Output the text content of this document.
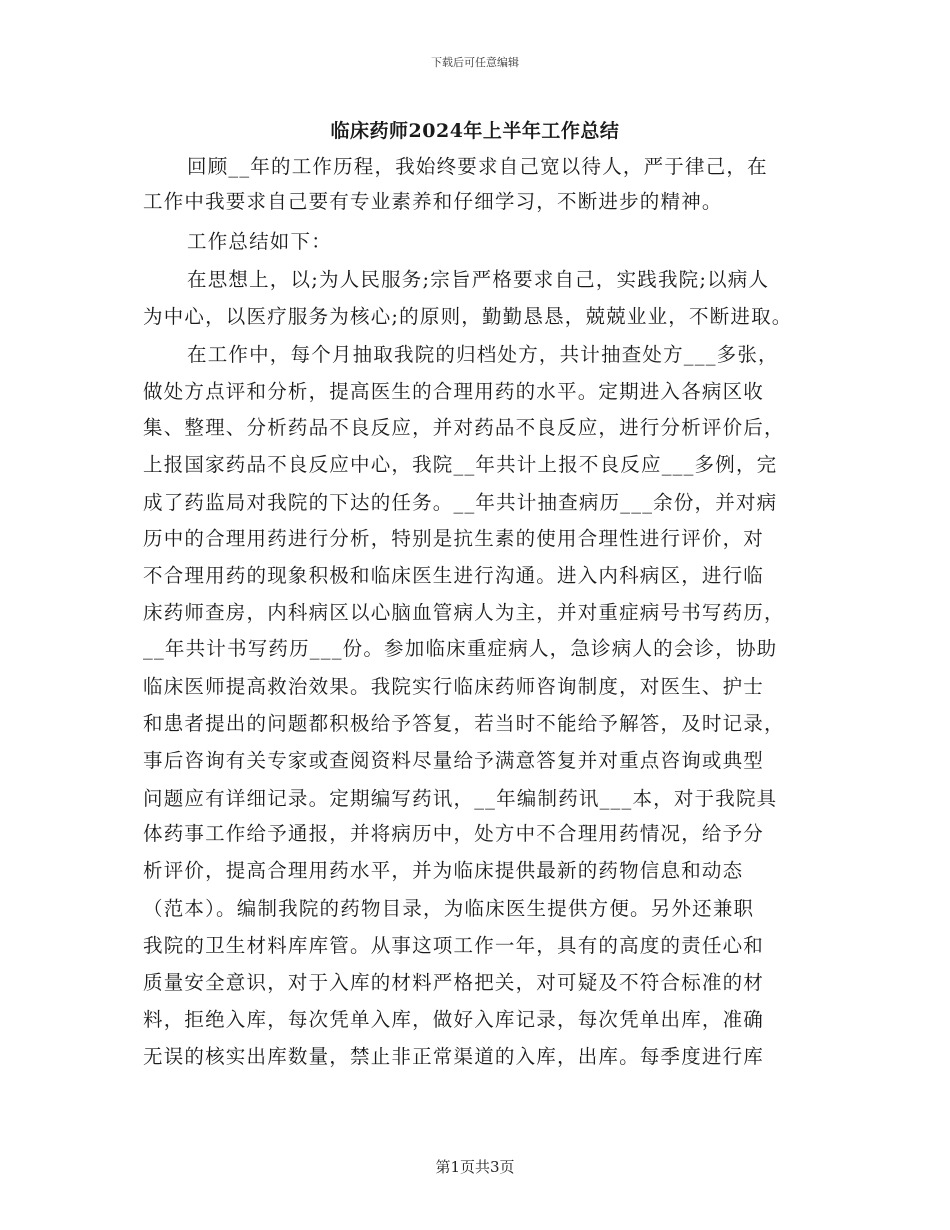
下载后可任意编辑
临床药师2024年上半年工作总结
回顾__年的工作历程，我始终要求自己宽以待人，严于律己，在
工作中我要求自己要有专业素养和仔细学习，不断进步的精神。
工作总结如下：
在思想上，以;为人民服务;宗旨严格要求自己，实践我院;以病人
为中心，以医疗服务为核心;的原则，勤勤恳恳，兢兢业业，不断进取。
在工作中，每个月抽取我院的归档处方，共计抽查处方___多张，
做处方点评和分析，提高医生的合理用药的水平。定期进入各病区收
集、整理、分析药品不良反应，并对药品不良反应，进行分析评价后，
上报国家药品不良反应中心，我院__年共计上报不良反应___多例，完
成了药监局对我院的下达的任务。__年共计抽查病历___余份，并对病
历中的合理用药进行分析，特别是抗生素的使用合理性进行评价，对
不合理用药的现象积极和临床医生进行沟通。进入内科病区，进行临
床药师查房，内科病区以心脑血管病人为主，并对重症病号书写药历，
__年共计书写药历___份。参加临床重症病人，急诊病人的会诊，协助
临床医师提高救治效果。我院实行临床药师咨询制度，对医生、护士
和患者提出的问题都积极给予答复，若当时不能给予解答，及时记录，
事后咨询有关专家或查阅资料尽量给予满意答复并对重点咨询或典型
问题应有详细记录。定期编写药讯，__年编制药讯___本，对于我院具
体药事工作给予通报，并将病历中，处方中不合理用药情况，给予分
析评价，提高合理用药水平，并为临床提供最新的药物信息和动态
（范本）。编制我院的药物目录，为临床医生提供方便。另外还兼职
我院的卫生材料库库管。从事这项工作一年，具有的高度的责任心和
质量安全意识，对于入库的材料严格把关，对可疑及不符合标准的材
料，拒绝入库，每次凭单入库，做好入库记录，每次凭单出库，准确
无误的核实出库数量，禁止非正常渠道的入库，出库。每季度进行库
第1页共3页
